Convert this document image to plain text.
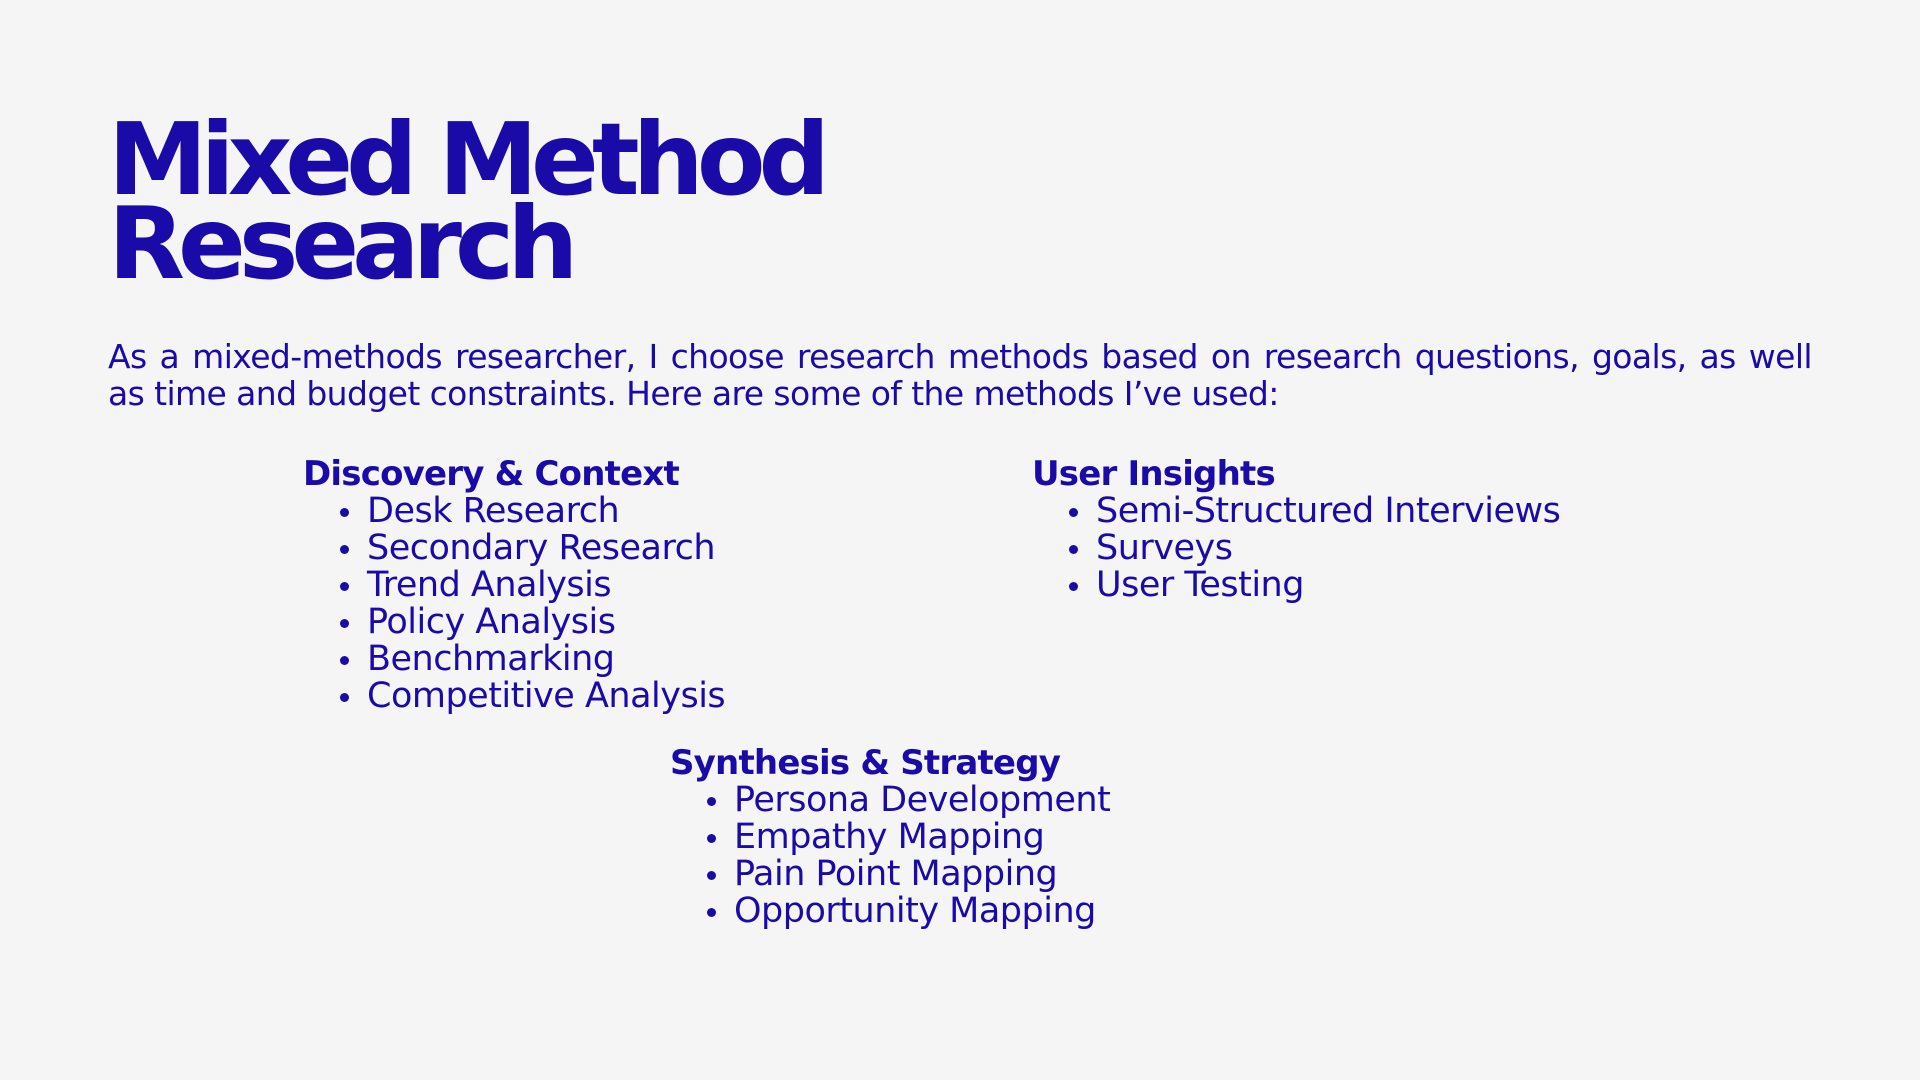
Mixed Method
Research

As a mixed-methods researcher, I choose research methods based on research questions, goals, as well as time and budget constraints. Here are some of the methods I’ve used:

Discovery & Context
Desk Research
Secondary Research
Trend Analysis
Policy Analysis
Benchmarking
Competitive Analysis
User Insights
Semi-Structured Interviews
Surveys
User Testing
Synthesis & Strategy
Persona Development
Empathy Mapping
Pain Point Mapping
Opportunity Mapping
